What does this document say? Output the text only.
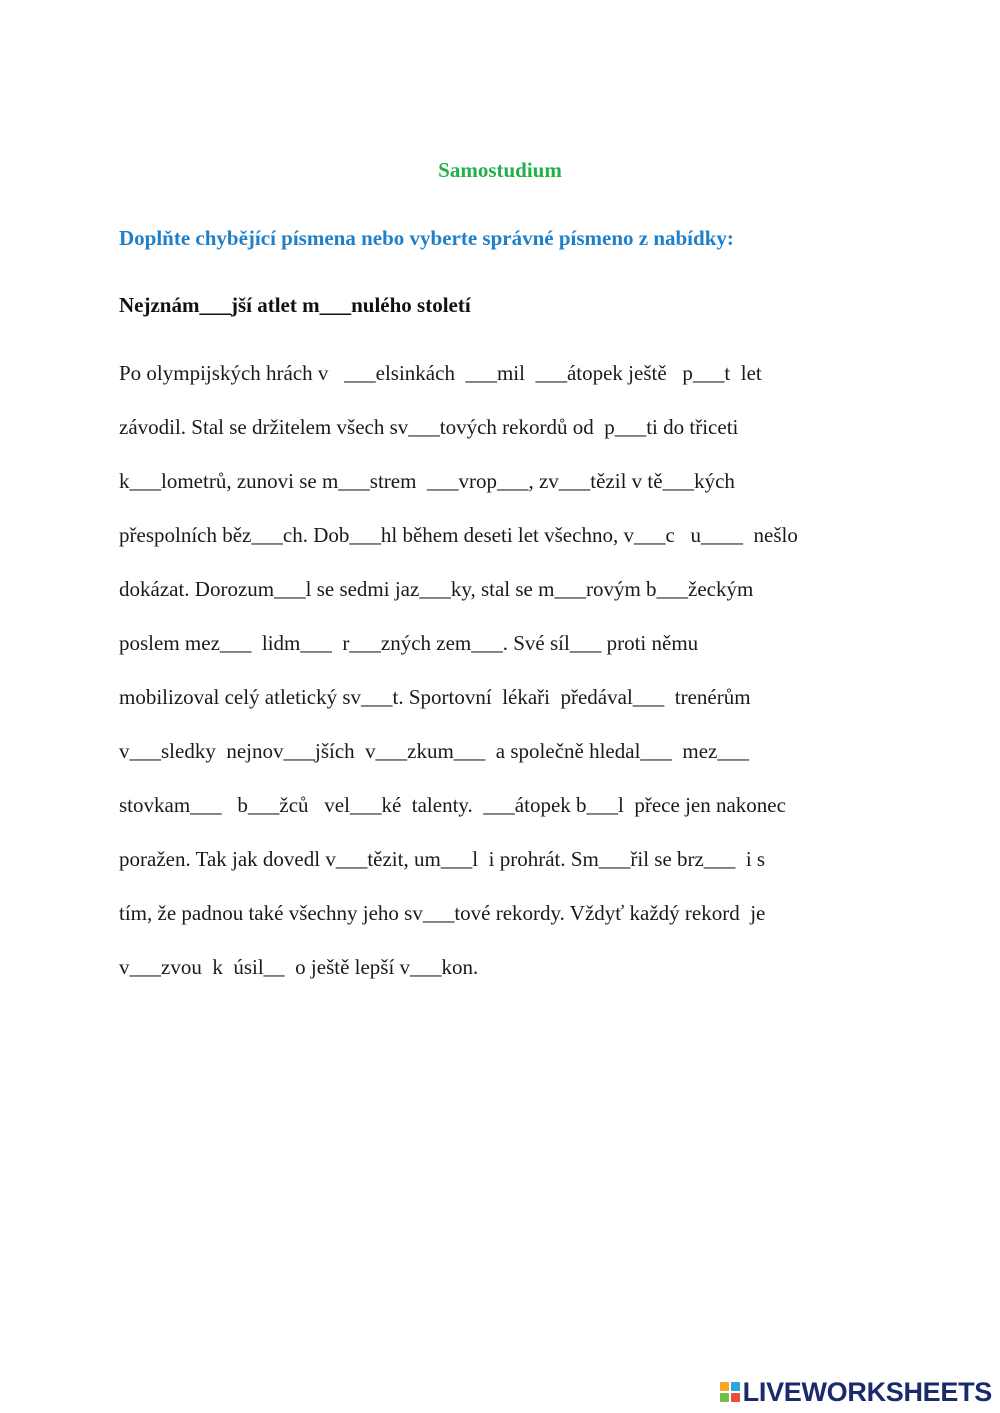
Samostudium
Doplňte chybějící písmena nebo vyberte správné písmeno z nabídky:
Nejznám___jší atlet m___nulého století
Po olympijských hrách v   ___elsinkách  ___mil  ___átopek ještě   p___t  let
závodil. Stal se držitelem všech sv___tových rekordů od  p___ti do třiceti
k___lometrů, zunovi se m___strem  ___vrop___, zv___tězil v tě___kých
přespolních běz___ch. Dob___hl během deseti let všechno, v___c   u____  nešlo
dokázat. Dorozum___l se sedmi jaz___ky, stal se m___rovým b___žeckým
poslem mez___  lidm___  r___zných zem___. Své síl___ proti němu
mobilizoval celý atletický sv___t. Sportovní  lékaři  předával___  trenérům
v___sledky  nejnov___jších  v___zkum___  a společně hledal___  mez___
stovkam___   b___žců   vel___ké  talenty.  ___átopek b___l  přece jen nakonec
poražen. Tak jak dovedl v___tězit, um___l  i prohrát. Sm___řil se brz___  i s
tím, že padnou také všechny jeho sv___tové rekordy. Vždyť každý rekord  je
v___zvou  k  úsil__  o ještě lepší v___kon.
LIVEWORKSHEETS
